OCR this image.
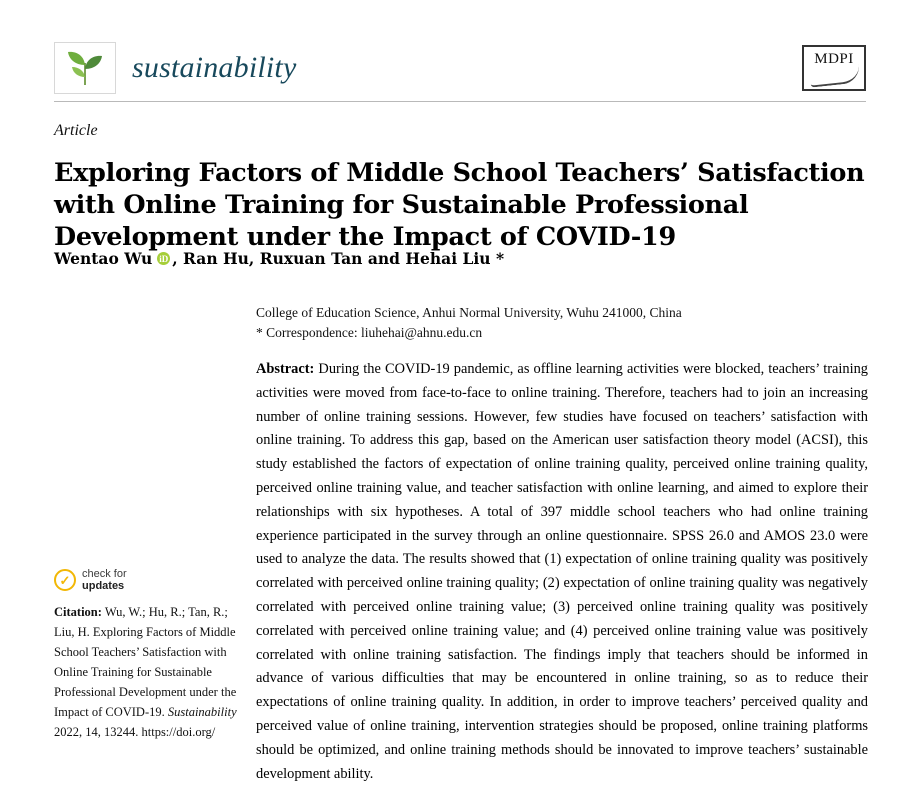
sustainability	MDPI
Article
Exploring Factors of Middle School Teachers’ Satisfaction with Online Training for Sustainable Professional Development under the Impact of COVID-19
Wentao Wu iD , Ran Hu, Ruxuan Tan and Hehai Liu *
College of Education Science, Anhui Normal University, Wuhu 241000, China
* Correspondence: liuhehai@ahnu.edu.cn
Abstract: During the COVID-19 pandemic, as offline learning activities were blocked, teachers’ training activities were moved from face-to-face to online training. Therefore, teachers had to join an increasing number of online training sessions. However, few studies have focused on teachers’ satisfaction with online training. To address this gap, based on the American user satisfaction theory model (ACSI), this study established the factors of expectation of online training quality, perceived online training quality, perceived online training value, and teacher satisfaction with online learning, and aimed to explore their relationships with six hypotheses. A total of 397 middle school teachers who had online training experience participated in the survey through an online questionnaire. SPSS 26.0 and AMOS 23.0 were used to analyze the data. The results showed that (1) expectation of online training quality was positively correlated with perceived online training quality; (2) expectation of online training quality was negatively correlated with perceived online training value; (3) perceived online training quality was positively correlated with perceived online training value; and (4) perceived online training value was positively correlated with online training satisfaction. The findings imply that teachers should be informed in advance of various difficulties that may be encountered in online training, so as to reduce their expectations of online training quality. In addition, in order to improve teachers’ perceived quality and perceived value of online training, intervention strategies should be proposed, online training platforms should be optimized, and online training methods should be innovated to improve teachers’ sustainable development ability.
✓ check for
updates
Citation: Wu, W.; Hu, R.; Tan, R.; Liu, H. Exploring Factors of Middle School Teachers’ Satisfaction with Online Training for Sustainable Professional Development under the Impact of COVID-19. Sustainability 2022, 14, 13244. https://doi.org/
